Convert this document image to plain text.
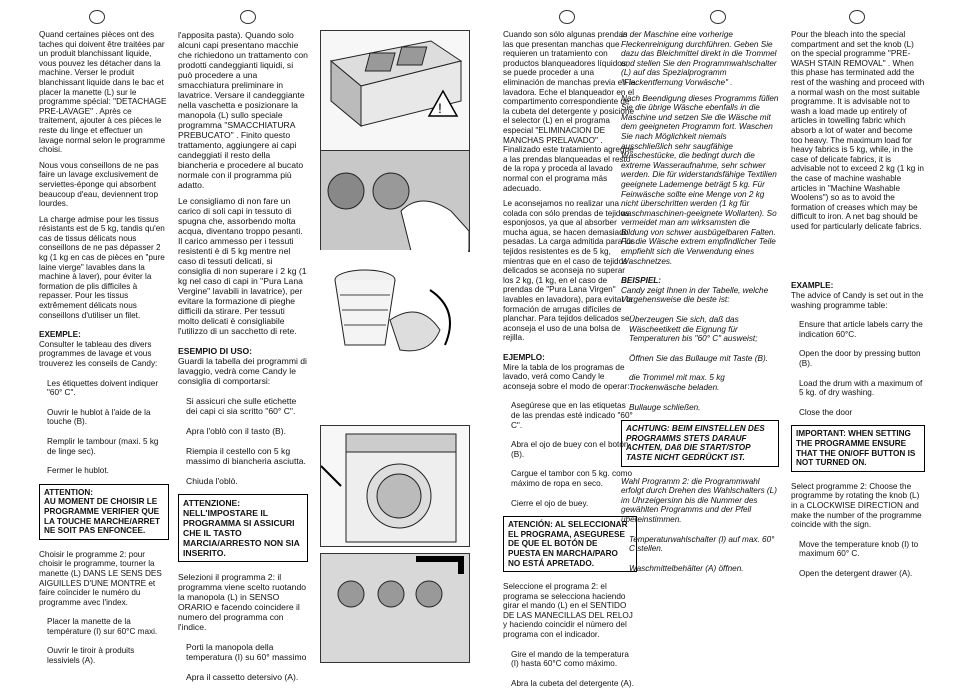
Quand certaines pièces ont des taches qui doivent être traitées par un produit blanchissant liquide, vous pouvez les détacher dans la machine. Verser le produit blanchissant liquide dans le bac et placer la manette (L) sur le programme spécial: "DETACHAGE PRE-LAVAGE" . Après ce traitement, ajouter à ces pièces le reste du linge et effectuer un lavage normal selon le programme choisi.

Nous vous conseillons de ne pas faire un lavage exclusivement de serviettes-éponge qui absorbent beaucoup d'eau, deviennent trop lourdes.

La charge admise pour les tissus résistants est de 5 kg, tandis qu'en cas de tissus délicats nous conseillons de ne pas dépasser 2 kg (1 kg en cas de pièces en "pure laine vierge" lavables dans la machine à laver), pour éviter la formation de plis difficiles à repasser. Pour les tissus extrêmement délicats nous conseillons d'utiliser un filet.

EXEMPLE:

Consulter le tableau des divers programmes de lavage et vous trouverez les conseils de Candy:

Les étiquettes doivent indiquer "60° C".

Ouvrir le hublot à l'aide de la touche (B).

Remplir le tambour (maxi. 5 kg de linge sec).

Fermer le hublot.

ATTENTION:
AU MOMENT DE CHOISIR LE PROGRAMME VERIFIER QUE LA TOUCHE MARCHE/ARRET NE SOIT PAS ENFONCEE.

Choisir le programme 2: pour choisir le programme, tourner la manette (L) DANS LE SENS DES AIGUILLES D'UNE MONTRE et faire coïncider le numéro du programme avec l'index.

Placer la manette de la température (I) sur 60°C maxi.

Ouvrir le tiroir à produits lessiviels (A).

l'apposita pasta). Quando solo alcuni capi presentano macchie che richiedono un trattamento con prodotti candeggianti liquidi, si può procedere a una smacchiatura preliminare in lavatrice. Versare il candeggiante nella vaschetta e posizionare la manopola (L) sullo speciale programma "SMACCHIATURA PREBUCATO" . Finito questo trattamento, aggiungere ai capi candeggiati il resto della biancheria e procedere al bucato normale con il programma più adatto.

Le consigliamo di non fare un carico di soli capi in tessuto di spugna che, assorbendo molta acqua, diventano troppo pesanti. Il carico ammesso per i tessuti resistenti è di 5 kg mentre nel caso di tessuti delicati, si consiglia di non superare i 2 kg (1 kg nel caso di capi in "Pura Lana Vergine" lavabili in lavatrice), per evitare la formazione di pieghe difficili da stirare. Per tessuti molto delicati è consigliabile l'utilizzo di un sacchetto di rete.

ESEMPIO DI USO:

Guardi la tabella dei programmi di lavaggio, vedrà come Candy le consiglia di comportarsi:

Si assicuri che sulle etichette dei capi ci sia scritto "60° C".

Apra l'oblò con il tasto (B).

Riempia il cestello con 5 kg massimo di biancheria asciutta.

Chiuda l'oblò.

ATTENZIONE: NELL'IMPOSTARE IL PROGRAMMA SI ASSICURI CHE IL TASTO MARCIA/ARRESTO NON SIA INSERITO.

Selezioni il programma 2: il programma viene scelto ruotando la manopola (L) in SENSO ORARIO e facendo coincidere il numero del programma con l'indice.

Porti la manopola della temperatura (I) su 60° massimo

Apra il cassetto detersivo (A).

!

Cuando son sólo algunas prendas las que presentan manchas que requieren un tratamiento con productos blanqueadores líquidos, se puede proceder a una eliminación de manchas previa en la lavadora. Eche el blanqueador en el compartimento correspondiente de la cubeta del detergente y posicione el selector (L) en el programa especial "ELIMINACION DE MANCHAS PRELAVADO" . Finalizado este tratamiento agregue a las prendas blanqueadas el resto de la ropa y proceda al lavado normal con el programa más adecuado.

Le aconsejamos no realizar una colada con sólo prendas de tejidos esponjosos, ya que al absorber mucha agua, se hacen demasiado pesadas. La carga admitida para los tejidos resistentes es de 5 kg, mientras que en el caso de tejidos delicados se aconseja no superar los 2 kg, (1 kg, en el caso de prendas de "Pura Lana Virgen" lavables en lavadora), para evitar la formación de arrugas difíciles de planchar. Para tejidos delicados se aconseja el uso de una bolsa de rejilla.

EJEMPLO:

Mire la tabla de los programas de lavado, verá como Candy le aconseja sobre el modo de operar:

Asegúrese que en las etiquetas de las prendas esté indicado "60° C".

Abra el ojo de buey con el botón (B).

Cargue el tambor con 5 kg. como máximo de ropa en seco.

Cierre el ojo de buey.

ATENCIÓN: AL SELECCIONAR EL PROGRAMA, ASEGURESE DE QUE EL BOTÓN DE PUESTA EN MARCHA/PARO NO ESTÁ APRETADO.

Seleccione el programa 2: el programa se selecciona haciendo girar el mando (L) en el SENTIDO DE LAS MANECILLAS DEL RELOJ y haciendo coincidir el número del programa con el indicador.

Gire el mando de la temperatura (I) hasta 60°C como máximo.

Abra la cubeta del detergente (A).

in der Maschine eine vorherige Fleckenreinigung durchführen. Geben Sie dazu das Bleichmittel direkt in die Trommel und stellen Sie den Programmwahlschalter (L) auf das Spezialprogramm "Fleckentfernung Vorwäsche" .

Nach Beendigung dieses Programms füllen Sie die übrige Wäsche ebenfalls in die Maschine und setzen Sie die Wäsche mit dem geeigneten Programm fort. Waschen Sie nach Möglichkeit niemals ausschließlich sehr saugfähige Wäschestücke, die bedingt durch die extreme Wasseraufnahme, sehr schwer werden. Die für widerstandsfähige Textilien geeignete Lademenge beträgt 5 kg. Für Feinwäsche sollte eine Menge von 2 kg nicht überschritten werden (1 kg für waschmaschinen-geeignete Wollarten). So vermeidet man am wirksamsten die Bildung von schwer ausbügelbaren Falten. Für die Wäsche extrem empfindlicher Teile empfiehlt sich die Verwendung eines Waschnetzes.

BEISPIEL:

Candy zeigt Ihnen in der Tabelle, welche Vorgehensweise die beste ist:

Überzeugen Sie sich, daß das Wäscheetikett die Eignung für Temperaturen bis "60° C" ausweist;

Öffnen Sie das Bullauge mit Taste (B).

die Trommel mit max. 5 kg Trockenwäsche beladen.

Bullauge schließen.

ACHTUNG: BEIM EINSTELLEN DES PROGRAMMS STETS DARAUF ACHTEN, DAß DIE START/STOP TASTE NICHT GEDRÜCKT IST.

Wahl Programm 2: die Programmwahl erfolgt durch Drehen des Wahlschalters (L) im Uhrzeigersinn bis die Nummer des gewählten Programms und der Pfeil übereinstimmen.

Temperaturwahlschalter (I) auf max. 60° C stellen.

Waschmittelbehälter (A) öffnen.

Pour the bleach into the special compartment and set the knob (L) on the special programme "PRE-WASH STAIN REMOVAL" . When this phase has terminated add the rest of the washing and proceed with a normal wash on the most suitable programme. It is advisable not to wash a load made up entirely of articles in towelling fabric which absorb a lot of water and become too heavy. The maximum load for heavy fabrics is 5 kg, while, in the case of delicate fabrics, it is advisable not to exceed 2 kg (1 kg in the case of machine washable articles in "Machine Washable Woolens") so as to avoid the formation of creases which may be difficult to iron. A net bag should be used for particularly delicate fabrics.

EXAMPLE:

The advice of Candy is set out in the washing programme table:

Ensure that article labels carry the indication 60°C.

Open the door by pressing button (B).

Load the drum with a maximum of 5 kg. of dry washing.

Close the door

IMPORTANT: WHEN SETTING THE PROGRAMME ENSURE THAT THE ON/OFF BUTTON IS NOT TURNED ON.

Select programme 2: Choose the programme by rotating the knob (L) in a CLOCKWISE DIRECTION and make the number of the programme coincide with the sign.

Move the temperature knob (I) to maximum 60° C.

Open the detergent drawer (A).
